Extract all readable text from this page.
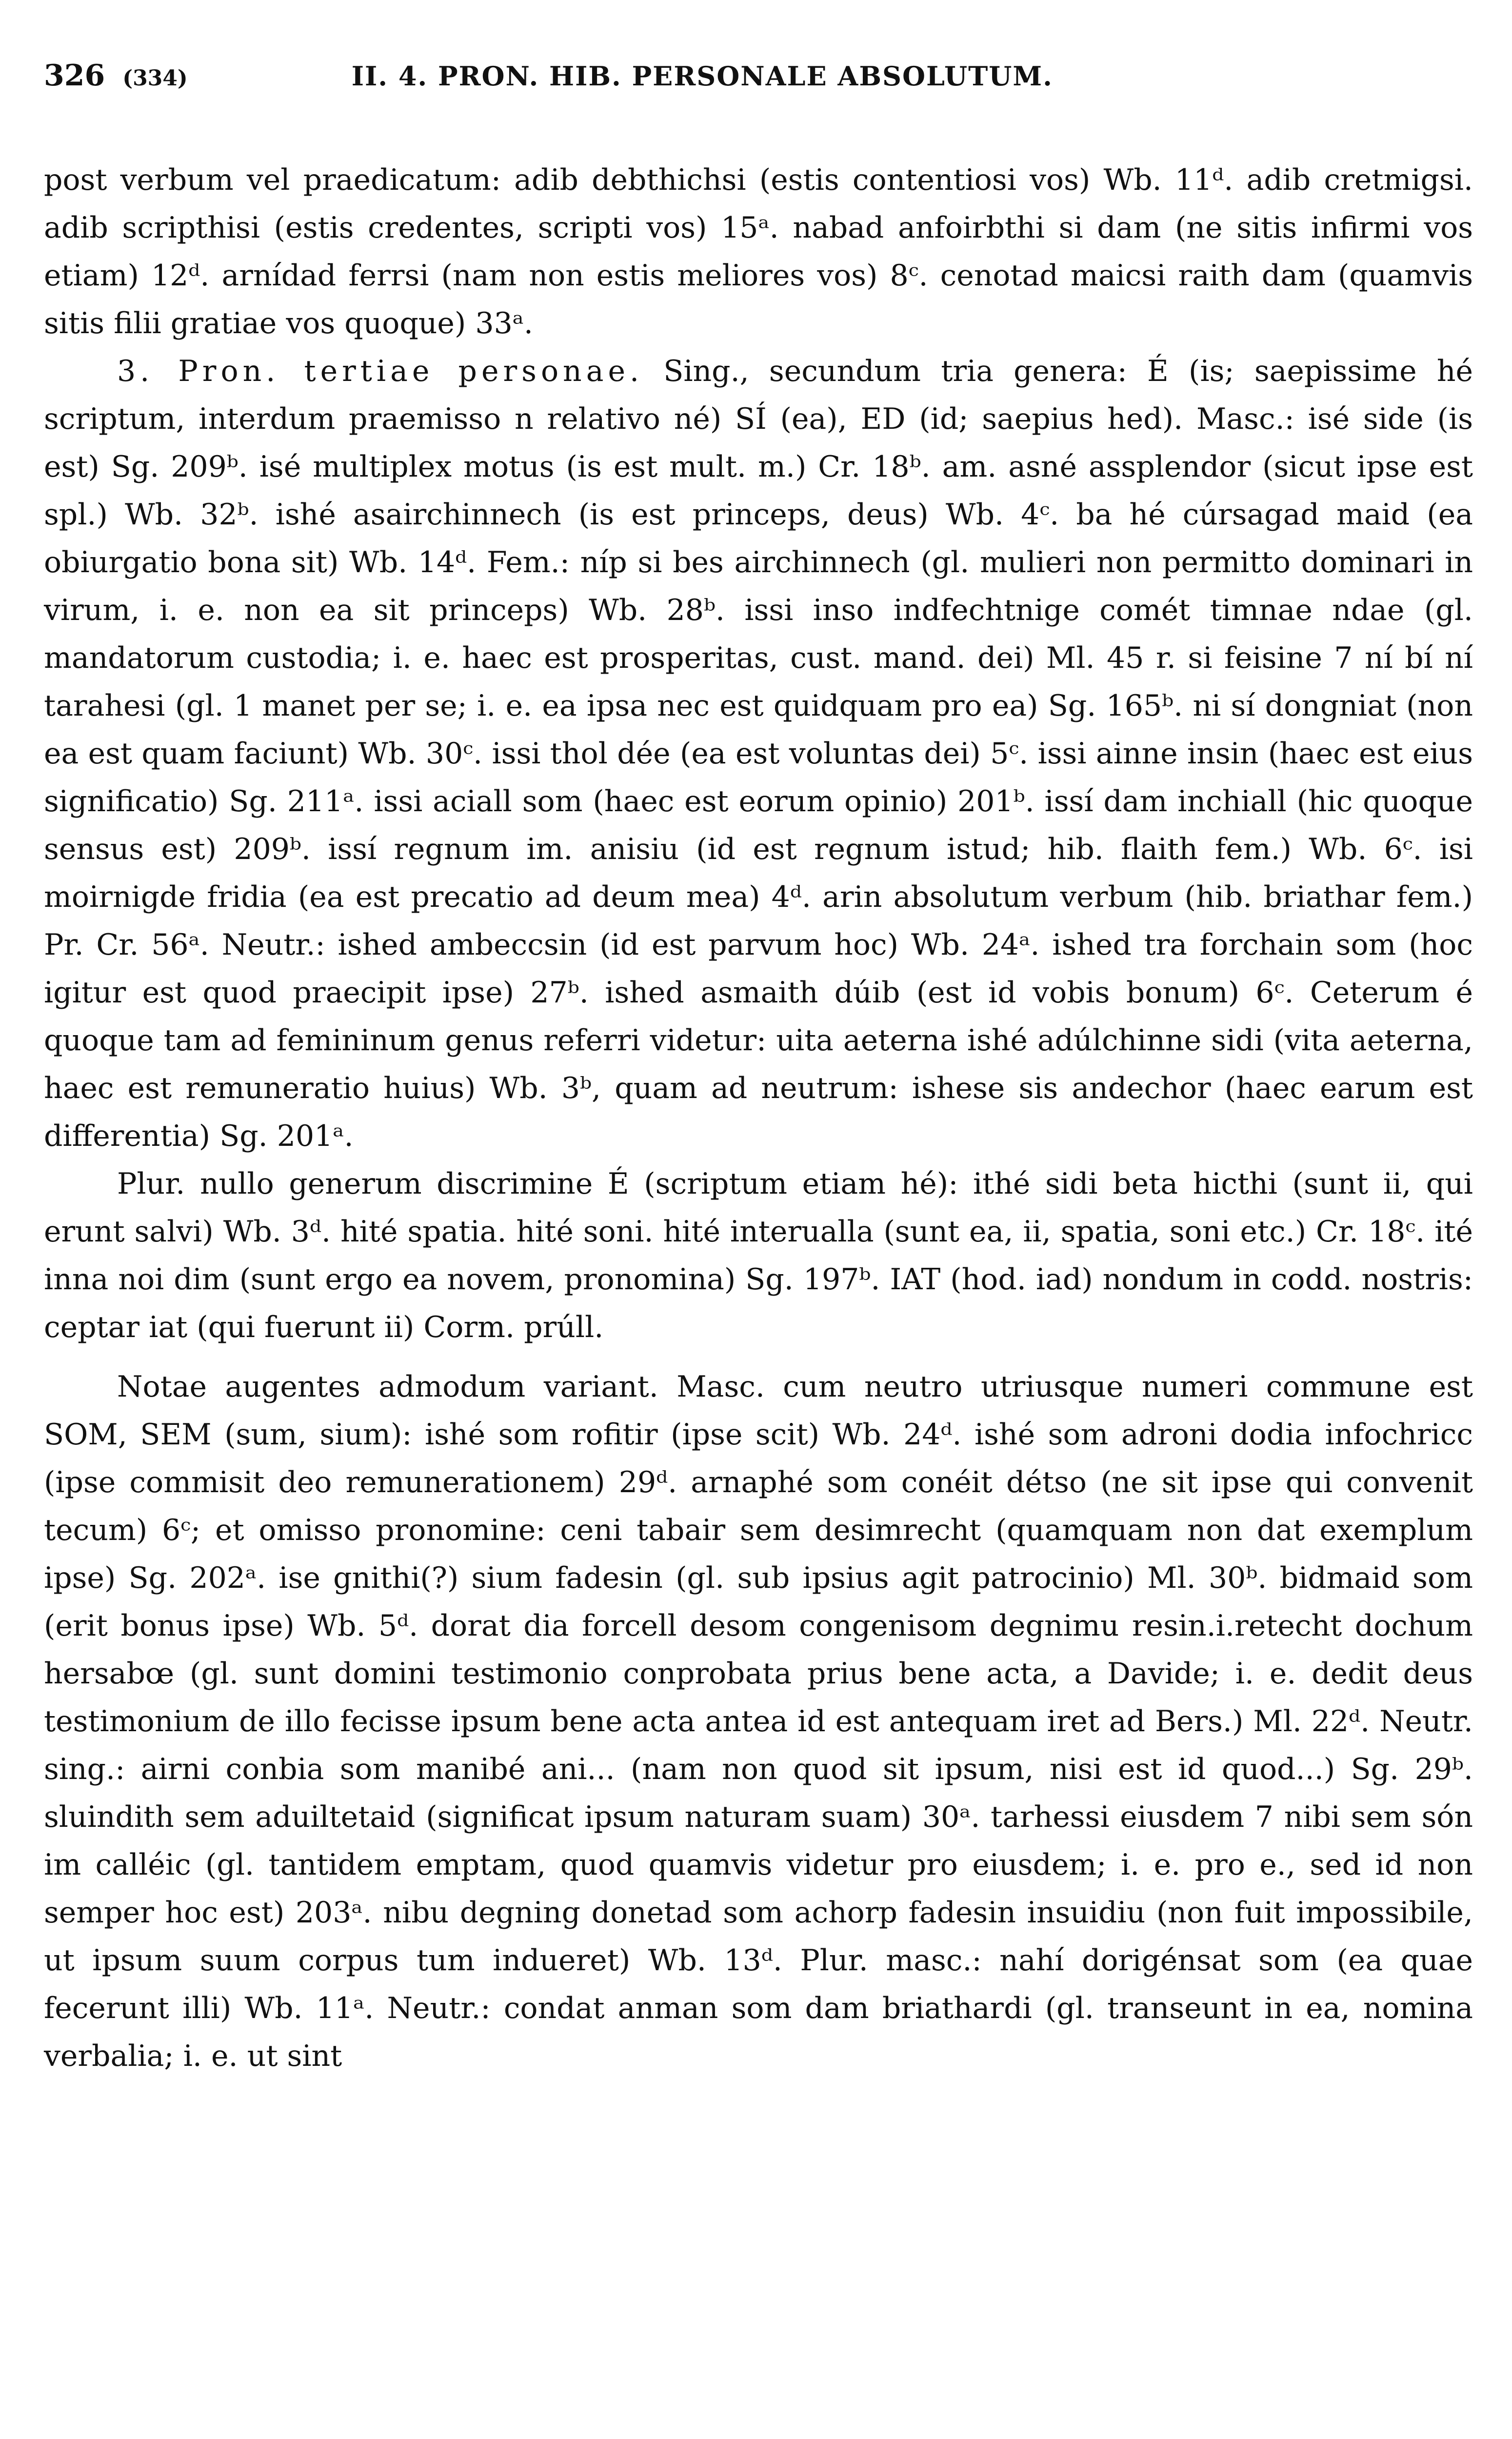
326 (334)	II. 4. PRON. HIB. PERSONALE ABSOLUTUM.

post verbum vel praedicatum: adib debthichsi (estis contentiosi vos) Wb. 11ᵈ. adib cretmigsi. adib scripthisi (estis credentes, scripti vos) 15ᵃ. nabad anfoirbthi si dam (ne sitis infirmi vos etiam) 12ᵈ. arnídad ferrsi (nam non estis meliores vos) 8ᶜ. cenotad maicsi raith dam (quamvis sitis filii gratiae vos quoque) 33ᵃ.

3. Pron. tertiae personae. Sing., secundum tria genera: É (is; saepissime hé scriptum, interdum praemisso n relativo né) SÍ (ea), ED (id; saepius hed). Masc.: isé side (is est) Sg. 209ᵇ. isé multiplex motus (is est mult. m.) Cr. 18ᵇ. am. asné assplendor (sicut ipse est spl.) Wb. 32ᵇ. ishé asairchinnech (is est princeps, deus) Wb. 4ᶜ. ba hé cúrsagad maid (ea obiurgatio bona sit) Wb. 14ᵈ. Fem.: níp si bes airchinnech (gl. mulieri non permitto dominari in virum, i. e. non ea sit princeps) Wb. 28ᵇ. issi inso indfechtnige comét timnae ndae (gl. mandatorum custodia; i. e. haec est prosperitas, cust. mand. dei) Ml. 45 r. si feisine 7 ní bí ní tarahesi (gl. 1 manet per se; i. e. ea ipsa nec est quidquam pro ea) Sg. 165ᵇ. ni sí dongniat (non ea est quam faciunt) Wb. 30ᶜ. issi thol dée (ea est voluntas dei) 5ᶜ. issi ainne insin (haec est eius significatio) Sg. 211ᵃ. issi aciall som (haec est eorum opinio) 201ᵇ. issí dam inchiall (hic quoque sensus est) 209ᵇ. issí regnum im. anisiu (id est regnum istud; hib. flaith fem.) Wb. 6ᶜ. isi moirnigde fridia (ea est precatio ad deum mea) 4ᵈ. arin absolutum verbum (hib. briathar fem.) Pr. Cr. 56ᵃ. Neutr.: ished ambeccsin (id est parvum hoc) Wb. 24ᵃ. ished tra forchain som (hoc igitur est quod praecipit ipse) 27ᵇ. ished asmaith dúib (est id vobis bonum) 6ᶜ. Ceterum é quoque tam ad femininum genus referri videtur: uita aeterna ishé adúlchinne sidi (vita aeterna, haec est remuneratio huius) Wb. 3ᵇ, quam ad neutrum: ishese sis andechor (haec earum est differentia) Sg. 201ᵃ.

Plur. nullo generum discrimine É (scriptum etiam hé): ithé sidi beta hicthi (sunt ii, qui erunt salvi) Wb. 3ᵈ. hité spatia. hité soni. hité interualla (sunt ea, ii, spatia, soni etc.) Cr. 18ᶜ. ité inna noi dim (sunt ergo ea novem, pronomina) Sg. 197ᵇ. IAT (hod. iad) nondum in codd. nostris: ceptar iat (qui fuerunt ii) Corm. prúll.

Notae augentes admodum variant. Masc. cum neutro utriusque numeri commune est SOM, SEM (sum, sium): ishé som rofitir (ipse scit) Wb. 24ᵈ. ishé som adroni dodia infochricc (ipse commisit deo remunerationem) 29ᵈ. arnaphé som conéit détso (ne sit ipse qui convenit tecum) 6ᶜ; et omisso pronomine: ceni tabair sem desimrecht (quamquam non dat exemplum ipse) Sg. 202ᵃ. ise gnithi(?) sium fadesin (gl. sub ipsius agit patrocinio) Ml. 30ᵇ. bidmaid som (erit bonus ipse) Wb. 5ᵈ. dorat dia forcell desom congenisom degnimu resin.i.retecht dochum hersabœ (gl. sunt domini testimonio conprobata prius bene acta, a Davide; i. e. dedit deus testimonium de illo fecisse ipsum bene acta antea id est antequam iret ad Bers.) Ml. 22ᵈ. Neutr. sing.: airni conbia som manibé ani... (nam non quod sit ipsum, nisi est id quod...) Sg. 29ᵇ. sluindith sem aduiltetaid (significat ipsum naturam suam) 30ᵃ. tarhessi eiusdem 7 nibi sem són im calléic (gl. tantidem emptam, quod quamvis videtur pro eiusdem; i. e. pro e., sed id non semper hoc est) 203ᵃ. nibu degning donetad som achorp fadesin insuidiu (non fuit impossibile, ut ipsum suum corpus tum indueret) Wb. 13ᵈ. Plur. masc.: nahí dorigénsat som (ea quae fecerunt illi) Wb. 11ᵃ. Neutr.: condat anman som dam briathardi (gl. transeunt in ea, nomina verbalia; i. e. ut sint
